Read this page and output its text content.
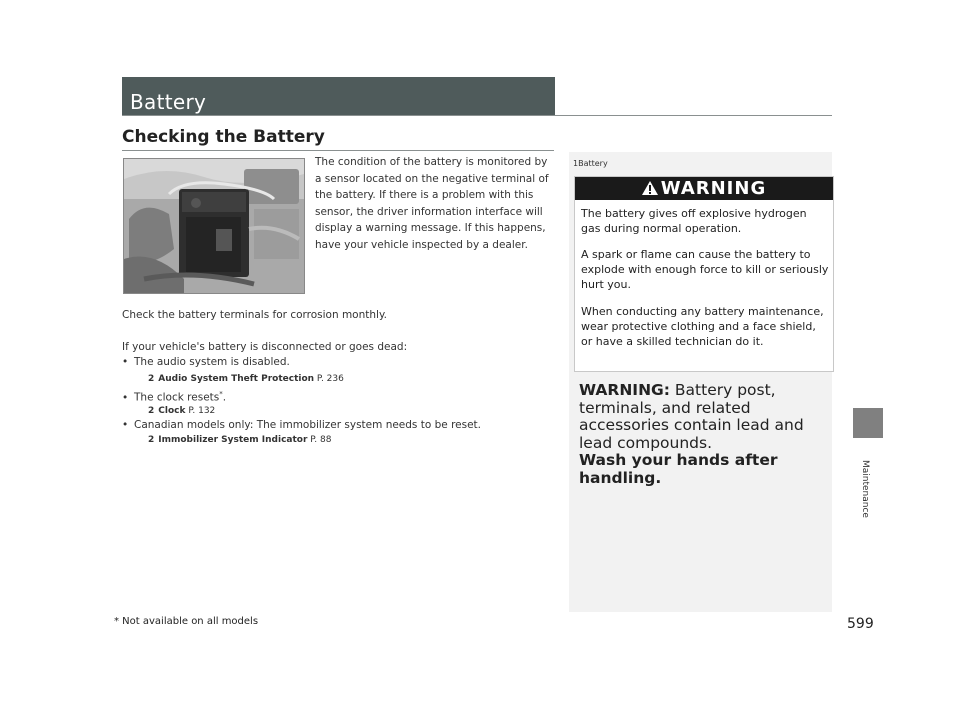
Battery
Checking the Battery
The condition of the battery is monitored by a sensor located on the negative terminal of the battery. If there is a problem with this sensor, the driver information interface will display a warning message. If this happens, have your vehicle inspected by a dealer.
Check the battery terminals for corrosion monthly.
If your vehicle's battery is disconnected or goes dead:
• The audio system is disabled.
2 Audio System Theft Protection P. 236
• The clock resets*.
2 Clock P. 132
• Canadian models only: The immobilizer system needs to be reset.
2 Immobilizer System Indicator P. 88
1Battery
WARNING
The battery gives off explosive hydrogen gas during normal operation.
A spark or flame can cause the battery to explode with enough force to kill or seriously hurt you.
When conducting any battery maintenance, wear protective clothing and a face shield, or have a skilled technician do it.
WARNING: Battery post, terminals, and related accessories contain lead and lead compounds.
Wash your hands after handling.	Maintenance
599
* Not available on all models
